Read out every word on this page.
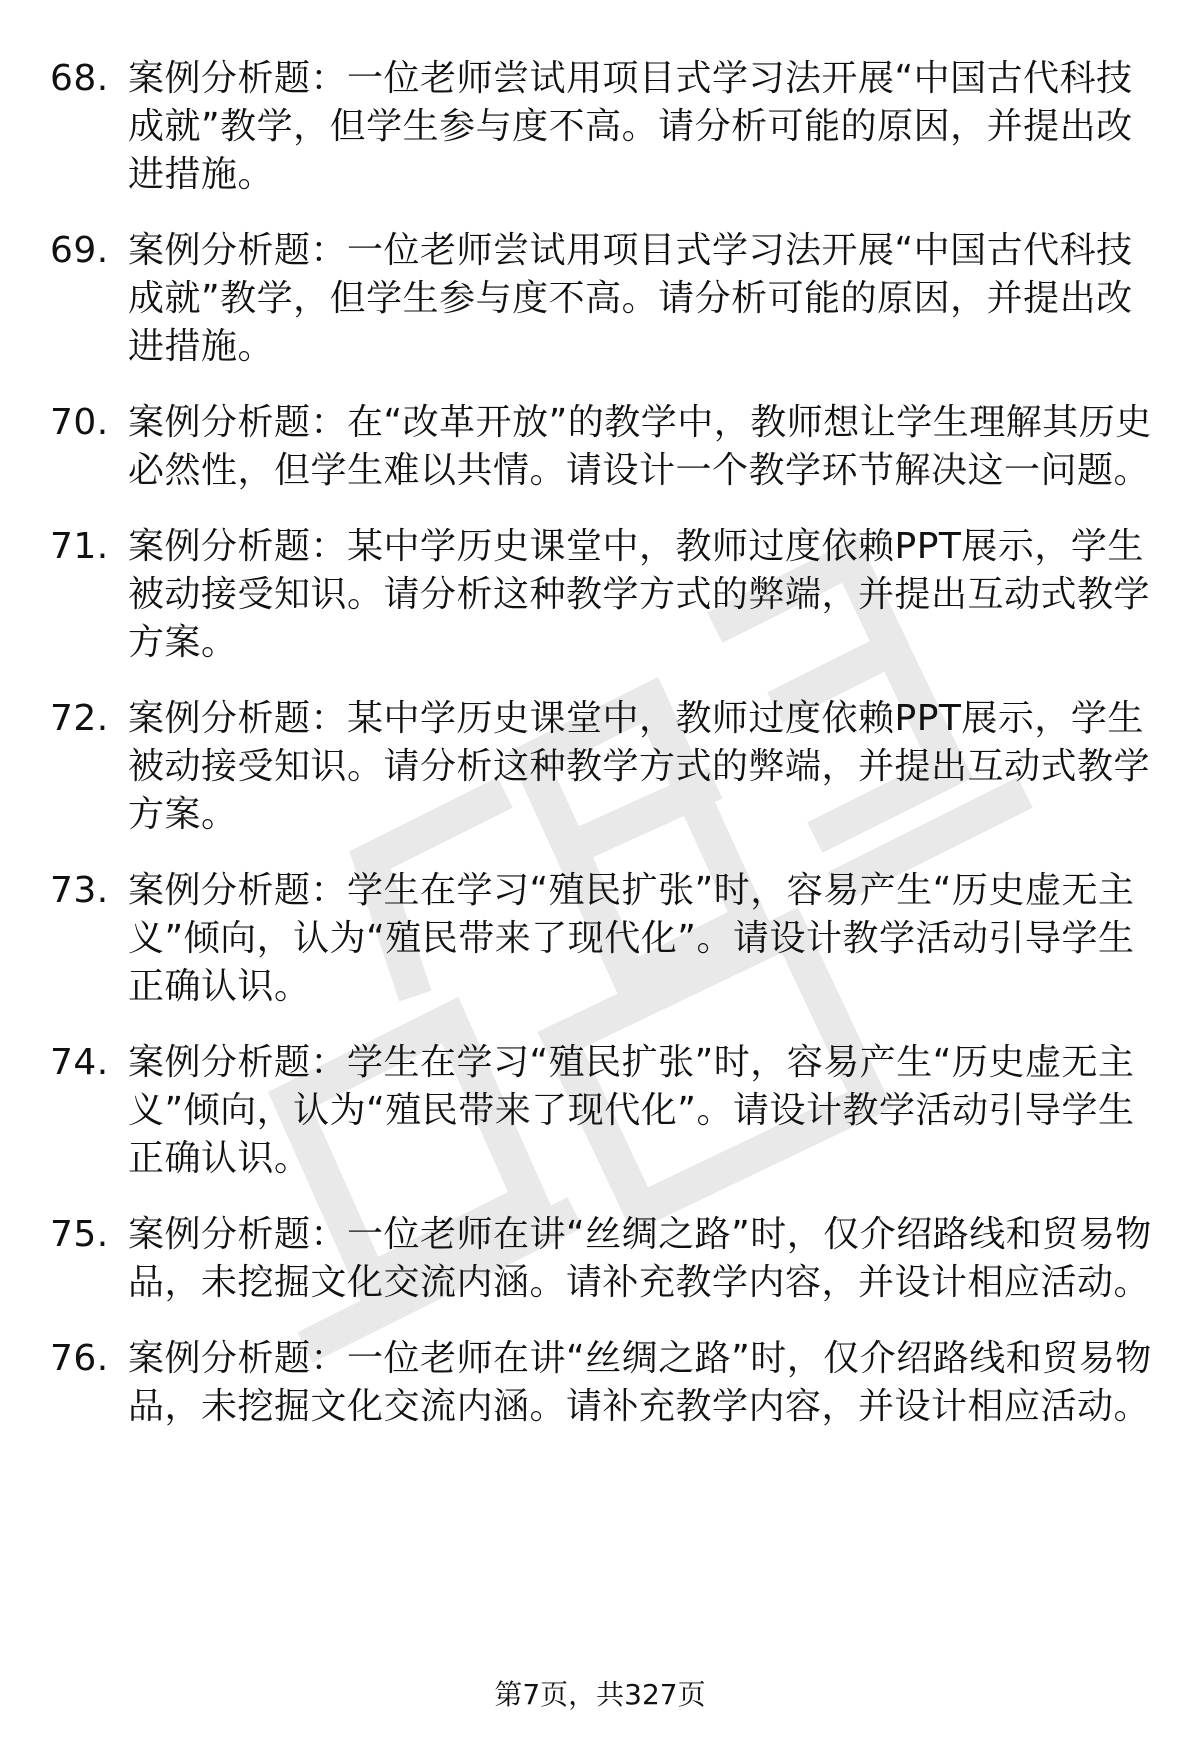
68. 案例分析题：一位老师尝试用项目式学习法开展“中国古代科技成就”教学，但学生参与度不高。请分析可能的原因，并提出改进措施。
69. 案例分析题：一位老师尝试用项目式学习法开展“中国古代科技成就”教学，但学生参与度不高。请分析可能的原因，并提出改进措施。
70. 案例分析题：在“改革开放”的教学中，教师想让学生理解其历史必然性，但学生难以共情。请设计一个教学环节解决这一问题。
71. 案例分析题：某中学历史课堂中，教师过度依赖PPT展示，学生被动接受知识。请分析这种教学方式的弊端，并提出互动式教学方案。
72. 案例分析题：某中学历史课堂中，教师过度依赖PPT展示，学生被动接受知识。请分析这种教学方式的弊端，并提出互动式教学方案。
73. 案例分析题：学生在学习“殖民扩张”时，容易产生“历史虚无主义”倾向，认为“殖民带来了现代化”。请设计教学活动引导学生正确认识。
74. 案例分析题：学生在学习“殖民扩张”时，容易产生“历史虚无主义”倾向，认为“殖民带来了现代化”。请设计教学活动引导学生正确认识。
75. 案例分析题：一位老师在讲“丝绸之路”时，仅介绍路线和贸易物品，未挖掘文化交流内涵。请补充教学内容，并设计相应活动。
76. 案例分析题：一位老师在讲“丝绸之路”时，仅介绍路线和贸易物品，未挖掘文化交流内涵。请补充教学内容，并设计相应活动。
第7页，共327页
